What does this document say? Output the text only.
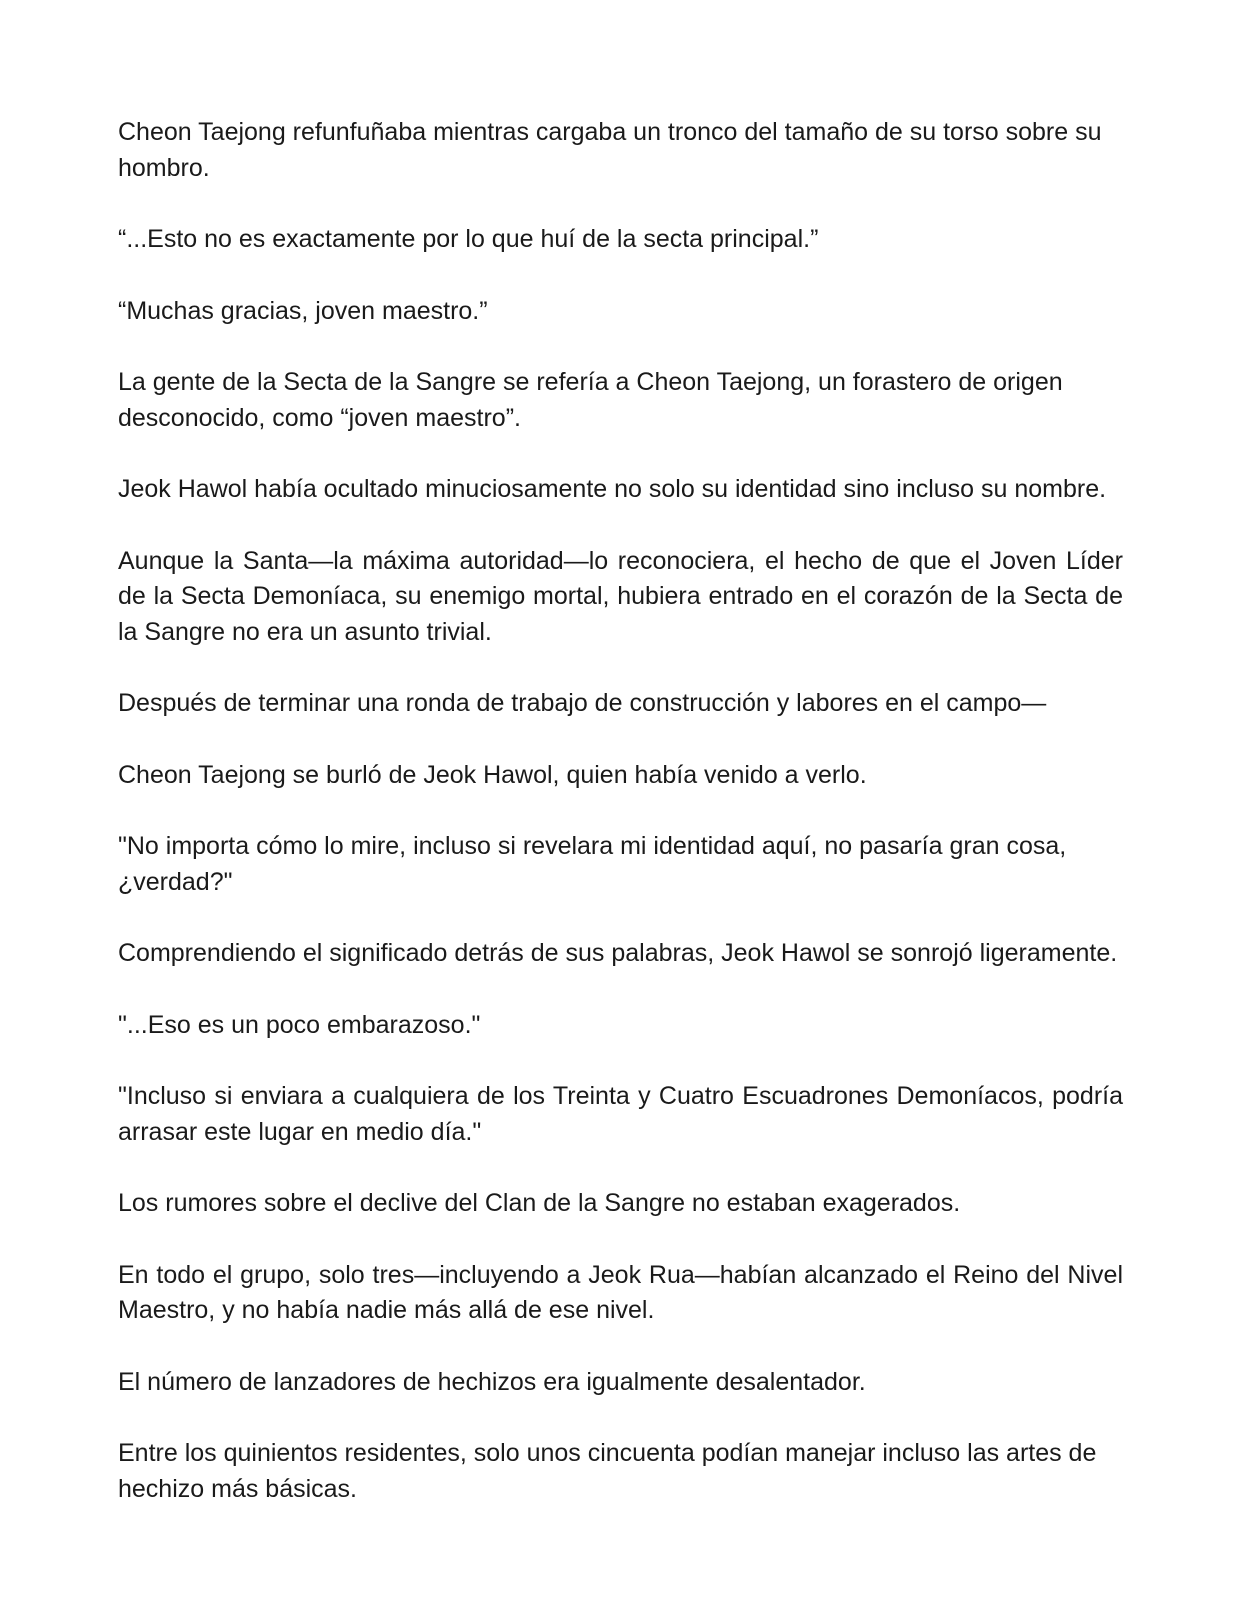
Cheon Taejong refunfuñaba mientras cargaba un tronco del tamaño de su torso sobre su hombro.

“...Esto no es exactamente por lo que huí de la secta principal.”

“Muchas gracias, joven maestro.”

La gente de la Secta de la Sangre se refería a Cheon Taejong, un forastero de origen desconocido, como “joven maestro”.

Jeok Hawol había ocultado minuciosamente no solo su identidad sino incluso su nombre.

Aunque la Santa—la máxima autoridad—lo reconociera, el hecho de que el Joven Líder de la Secta Demoníaca, su enemigo mortal, hubiera entrado en el corazón de la Secta de la Sangre no era un asunto trivial.

Después de terminar una ronda de trabajo de construcción y labores en el campo—

Cheon Taejong se burló de Jeok Hawol, quien había venido a verlo.

"No importa cómo lo mire, incluso si revelara mi identidad aquí, no pasaría gran cosa, ¿verdad?"

Comprendiendo el significado detrás de sus palabras, Jeok Hawol se sonrojó ligeramente.

"...Eso es un poco embarazoso."

"Incluso si enviara a cualquiera de los Treinta y Cuatro Escuadrones Demoníacos, podría arrasar este lugar en medio día."

Los rumores sobre el declive del Clan de la Sangre no estaban exagerados.

En todo el grupo, solo tres—incluyendo a Jeok Rua—habían alcanzado el Reino del Nivel Maestro, y no había nadie más allá de ese nivel.

El número de lanzadores de hechizos era igualmente desalentador.

Entre los quinientos residentes, solo unos cincuenta podían manejar incluso las artes de hechizo más básicas.
